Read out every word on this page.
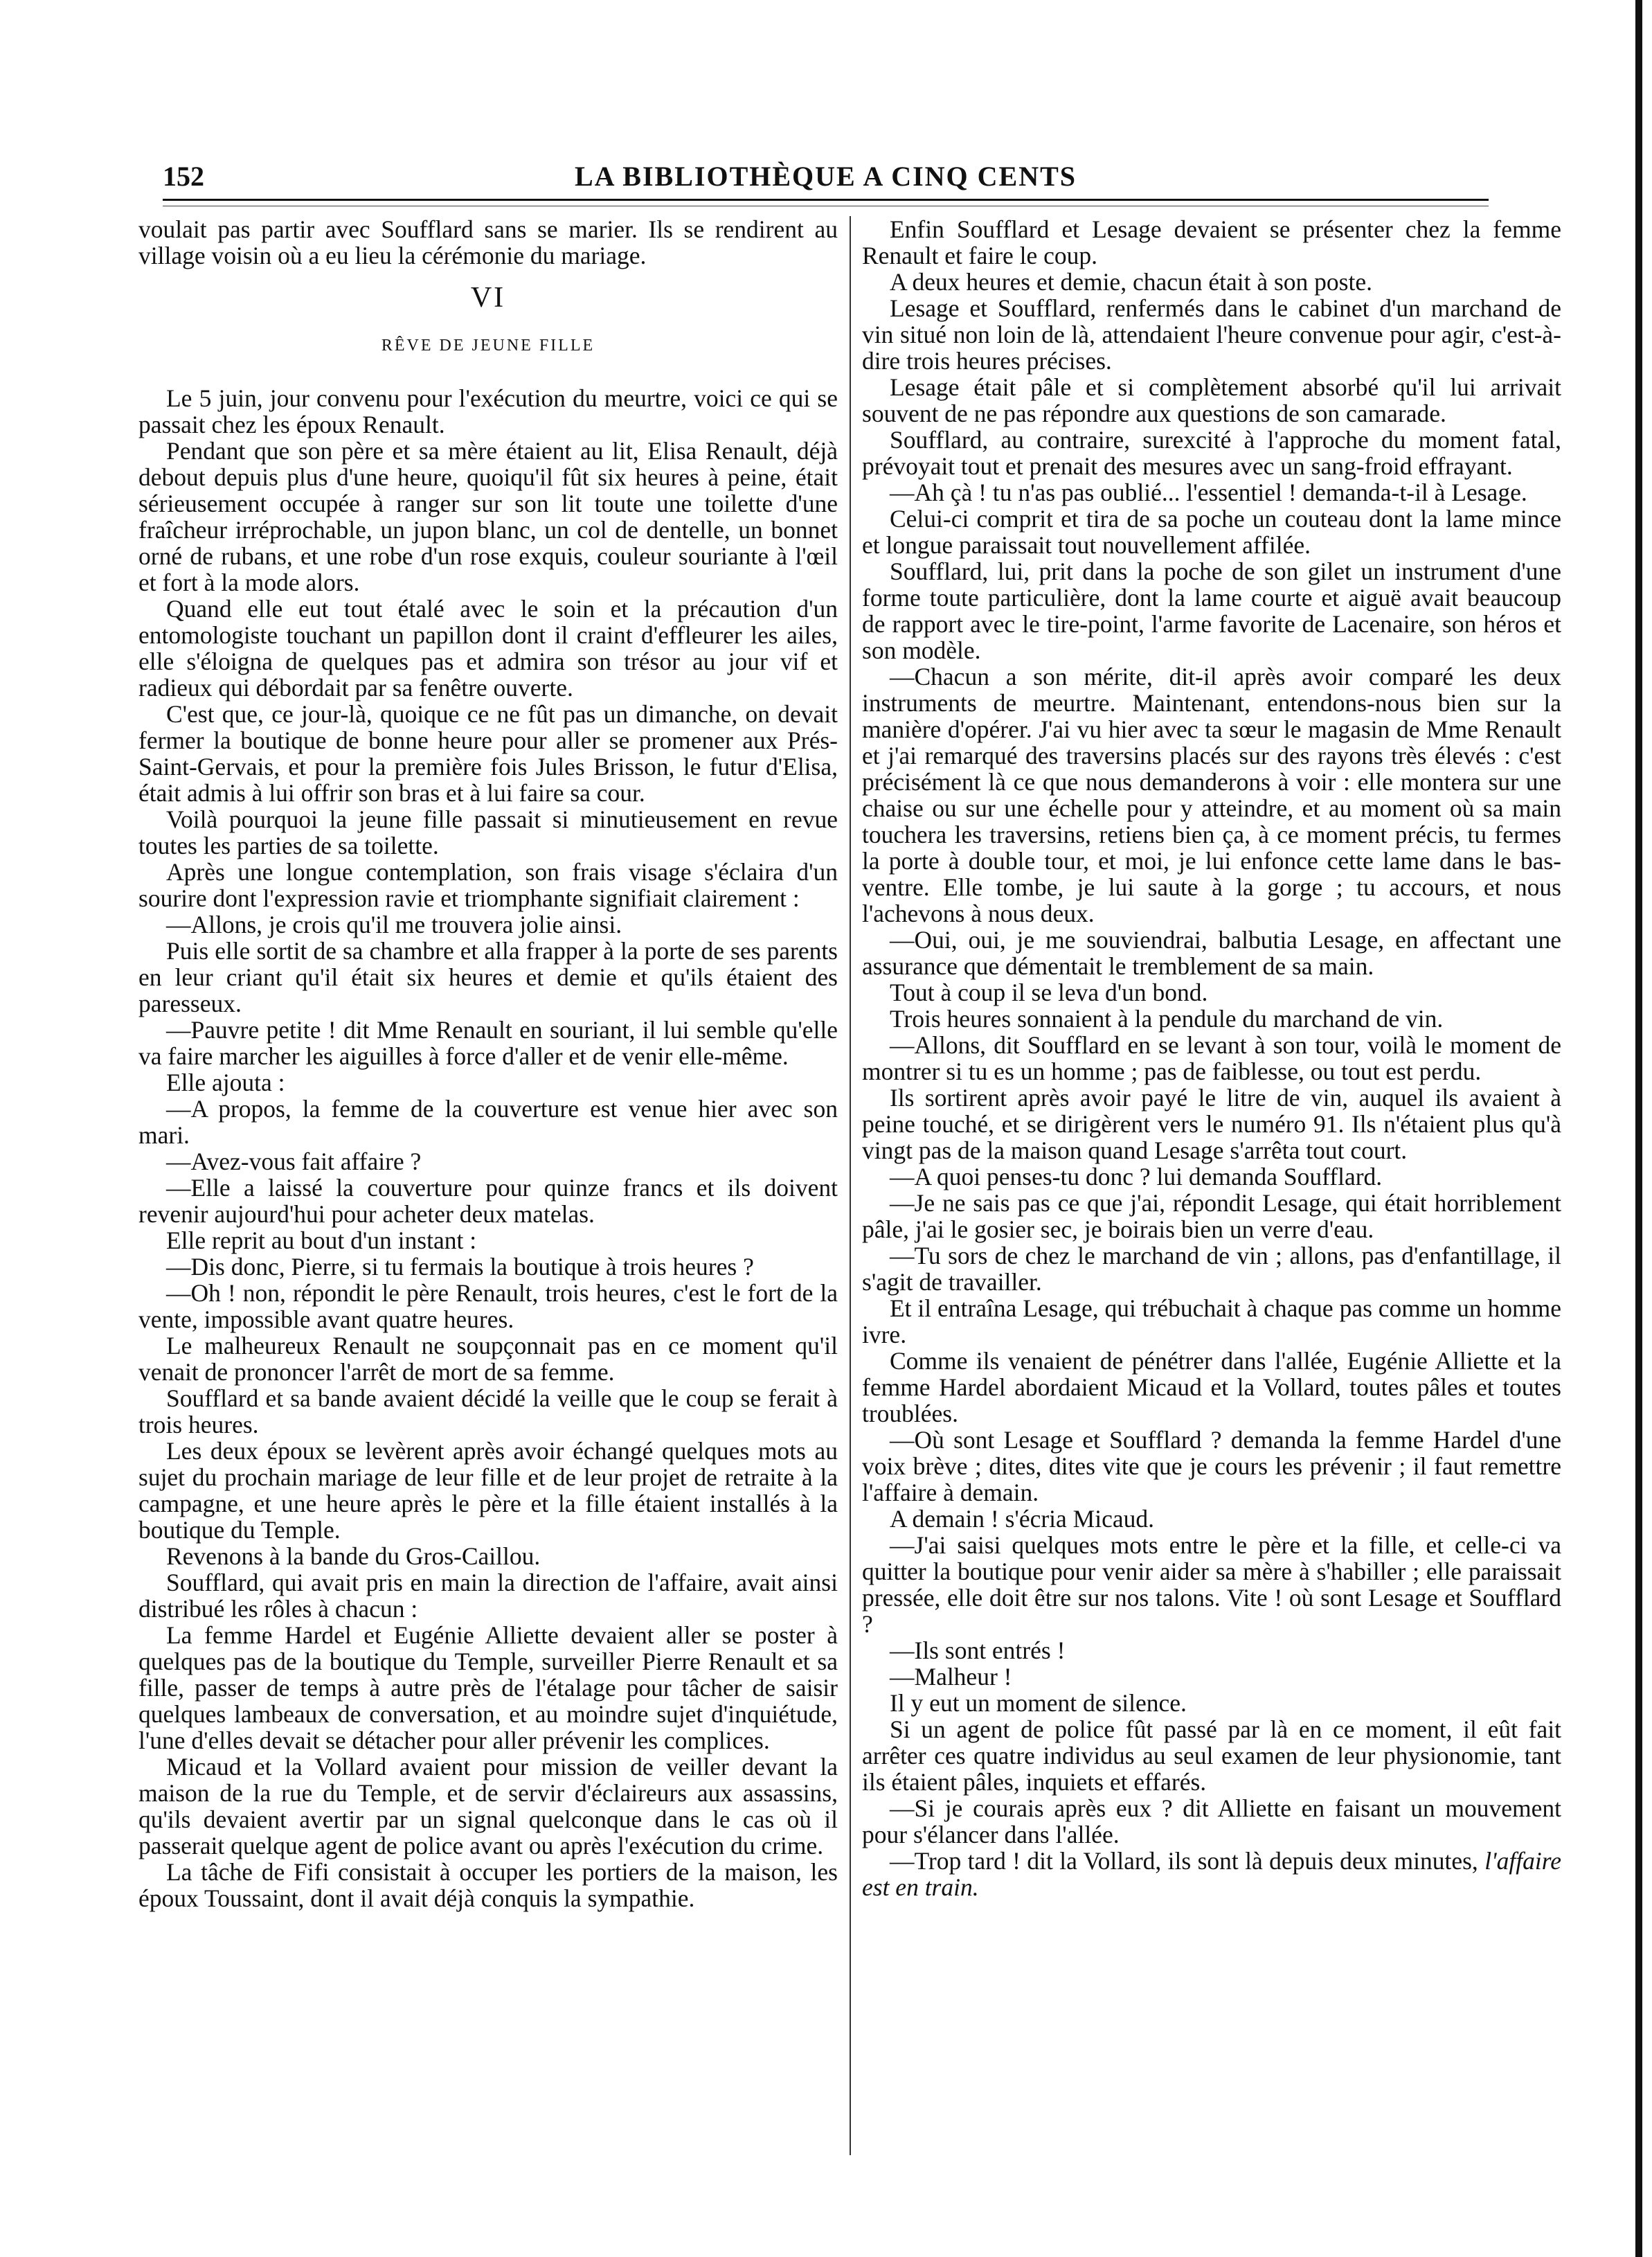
152	LA BIBLIOTHÈQUE A CINQ CENTS

voulait pas partir avec Soufflard sans se marier. Ils se rendirent au village voisin où a eu lieu la cérémonie du mariage.

VI
RÊVE DE JEUNE FILLE

Le 5 juin, jour convenu pour l'exécution du meurtre, voici ce qui se passait chez les époux Renault.

Pendant que son père et sa mère étaient au lit, Elisa Renault, déjà debout depuis plus d'une heure, quoiqu'il fût six heures à peine, était sérieusement occupée à ranger sur son lit toute une toilette d'une fraîcheur irréprochable, un jupon blanc, un col de dentelle, un bonnet orné de rubans, et une robe d'un rose exquis, couleur souriante à l'œil et fort à la mode alors.

Quand elle eut tout étalé avec le soin et la précaution d'un entomologiste touchant un papillon dont il craint d'effleurer les ailes, elle s'éloigna de quelques pas et admira son trésor au jour vif et radieux qui débordait par sa fenêtre ouverte.

C'est que, ce jour-là, quoique ce ne fût pas un dimanche, on devait fermer la boutique de bonne heure pour aller se promener aux Prés-Saint-Gervais, et pour la première fois Jules Brisson, le futur d'Elisa, était admis à lui offrir son bras et à lui faire sa cour.

Voilà pourquoi la jeune fille passait si minutieusement en revue toutes les parties de sa toilette.

Après une longue contemplation, son frais visage s'éclaira d'un sourire dont l'expression ravie et triomphante signifiait clairement :

—Allons, je crois qu'il me trouvera jolie ainsi.

Puis elle sortit de sa chambre et alla frapper à la porte de ses parents en leur criant qu'il était six heures et demie et qu'ils étaient des paresseux.

—Pauvre petite ! dit Mme Renault en souriant, il lui semble qu'elle va faire marcher les aiguilles à force d'aller et de venir elle-même.

Elle ajouta :

—A propos, la femme de la couverture est venue hier avec son mari.

—Avez-vous fait affaire ?

—Elle a laissé la couverture pour quinze francs et ils doivent revenir aujourd'hui pour acheter deux matelas.

Elle reprit au bout d'un instant :

—Dis donc, Pierre, si tu fermais la boutique à trois heures ?

—Oh ! non, répondit le père Renault, trois heures, c'est le fort de la vente, impossible avant quatre heures.

Le malheureux Renault ne soupçonnait pas en ce moment qu'il venait de prononcer l'arrêt de mort de sa femme.

Soufflard et sa bande avaient décidé la veille que le coup se ferait à trois heures.

Les deux époux se levèrent après avoir échangé quelques mots au sujet du prochain mariage de leur fille et de leur projet de retraite à la campagne, et une heure après le père et la fille étaient installés à la boutique du Temple.

Revenons à la bande du Gros-Caillou.

Soufflard, qui avait pris en main la direction de l'affaire, avait ainsi distribué les rôles à chacun :

La femme Hardel et Eugénie Alliette devaient aller se poster à quelques pas de la boutique du Temple, surveiller Pierre Renault et sa fille, passer de temps à autre près de l'étalage pour tâcher de saisir quelques lambeaux de conversation, et au moindre sujet d'inquiétude, l'une d'elles devait se détacher pour aller prévenir les complices.

Micaud et la Vollard avaient pour mission de veiller devant la maison de la rue du Temple, et de servir d'éclaireurs aux assassins, qu'ils devaient avertir par un signal quelconque dans le cas où il passerait quelque agent de police avant ou après l'exécution du crime.

La tâche de Fifi consistait à occuper les portiers de la maison, les époux Toussaint, dont il avait déjà conquis la sympathie.

Enfin Soufflard et Lesage devaient se présenter chez la femme Renault et faire le coup.

A deux heures et demie, chacun était à son poste.

Lesage et Soufflard, renfermés dans le cabinet d'un marchand de vin situé non loin de là, attendaient l'heure convenue pour agir, c'est-à-dire trois heures précises.

Lesage était pâle et si complètement absorbé qu'il lui arrivait souvent de ne pas répondre aux questions de son camarade.

Soufflard, au contraire, surexcité à l'approche du moment fatal, prévoyait tout et prenait des mesures avec un sang-froid effrayant.

—Ah çà ! tu n'as pas oublié... l'essentiel ! demanda-t-il à Lesage.

Celui-ci comprit et tira de sa poche un couteau dont la lame mince et longue paraissait tout nouvellement affilée.

Soufflard, lui, prit dans la poche de son gilet un instrument d'une forme toute particulière, dont la lame courte et aiguë avait beaucoup de rapport avec le tire-point, l'arme favorite de Lacenaire, son héros et son modèle.

—Chacun a son mérite, dit-il après avoir comparé les deux instruments de meurtre. Maintenant, entendons-nous bien sur la manière d'opérer. J'ai vu hier avec ta sœur le magasin de Mme Renault et j'ai remarqué des traversins placés sur des rayons très élevés : c'est précisément là ce que nous demanderons à voir : elle montera sur une chaise ou sur une échelle pour y atteindre, et au moment où sa main touchera les traversins, retiens bien ça, à ce moment précis, tu fermes la porte à double tour, et moi, je lui enfonce cette lame dans le bas-ventre. Elle tombe, je lui saute à la gorge ; tu accours, et nous l'achevons à nous deux.

—Oui, oui, je me souviendrai, balbutia Lesage, en affectant une assurance que démentait le tremblement de sa main.

Tout à coup il se leva d'un bond.

Trois heures sonnaient à la pendule du marchand de vin.

—Allons, dit Soufflard en se levant à son tour, voilà le moment de montrer si tu es un homme ; pas de faiblesse, ou tout est perdu.

Ils sortirent après avoir payé le litre de vin, auquel ils avaient à peine touché, et se dirigèrent vers le numéro 91. Ils n'étaient plus qu'à vingt pas de la maison quand Lesage s'arrêta tout court.

—A quoi penses-tu donc ? lui demanda Soufflard.

—Je ne sais pas ce que j'ai, répondit Lesage, qui était horriblement pâle, j'ai le gosier sec, je boirais bien un verre d'eau.

—Tu sors de chez le marchand de vin ; allons, pas d'enfantillage, il s'agit de travailler.

Et il entraîna Lesage, qui trébuchait à chaque pas comme un homme ivre.

Comme ils venaient de pénétrer dans l'allée, Eugénie Alliette et la femme Hardel abordaient Micaud et la Vollard, toutes pâles et toutes troublées.

—Où sont Lesage et Soufflard ? demanda la femme Hardel d'une voix brève ; dites, dites vite que je cours les prévenir ; il faut remettre l'affaire à demain.

A demain ! s'écria Micaud.

—J'ai saisi quelques mots entre le père et la fille, et celle-ci va quitter la boutique pour venir aider sa mère à s'habiller ; elle paraissait pressée, elle doit être sur nos talons. Vite ! où sont Lesage et Soufflard ?

—Ils sont entrés !

—Malheur !

Il y eut un moment de silence.

Si un agent de police fût passé par là en ce moment, il eût fait arrêter ces quatre individus au seul examen de leur physionomie, tant ils étaient pâles, inquiets et effarés.

—Si je courais après eux ? dit Alliette en faisant un mouvement pour s'élancer dans l'allée.

—Trop tard ! dit la Vollard, ils sont là depuis deux minutes, l'affaire est en train.
